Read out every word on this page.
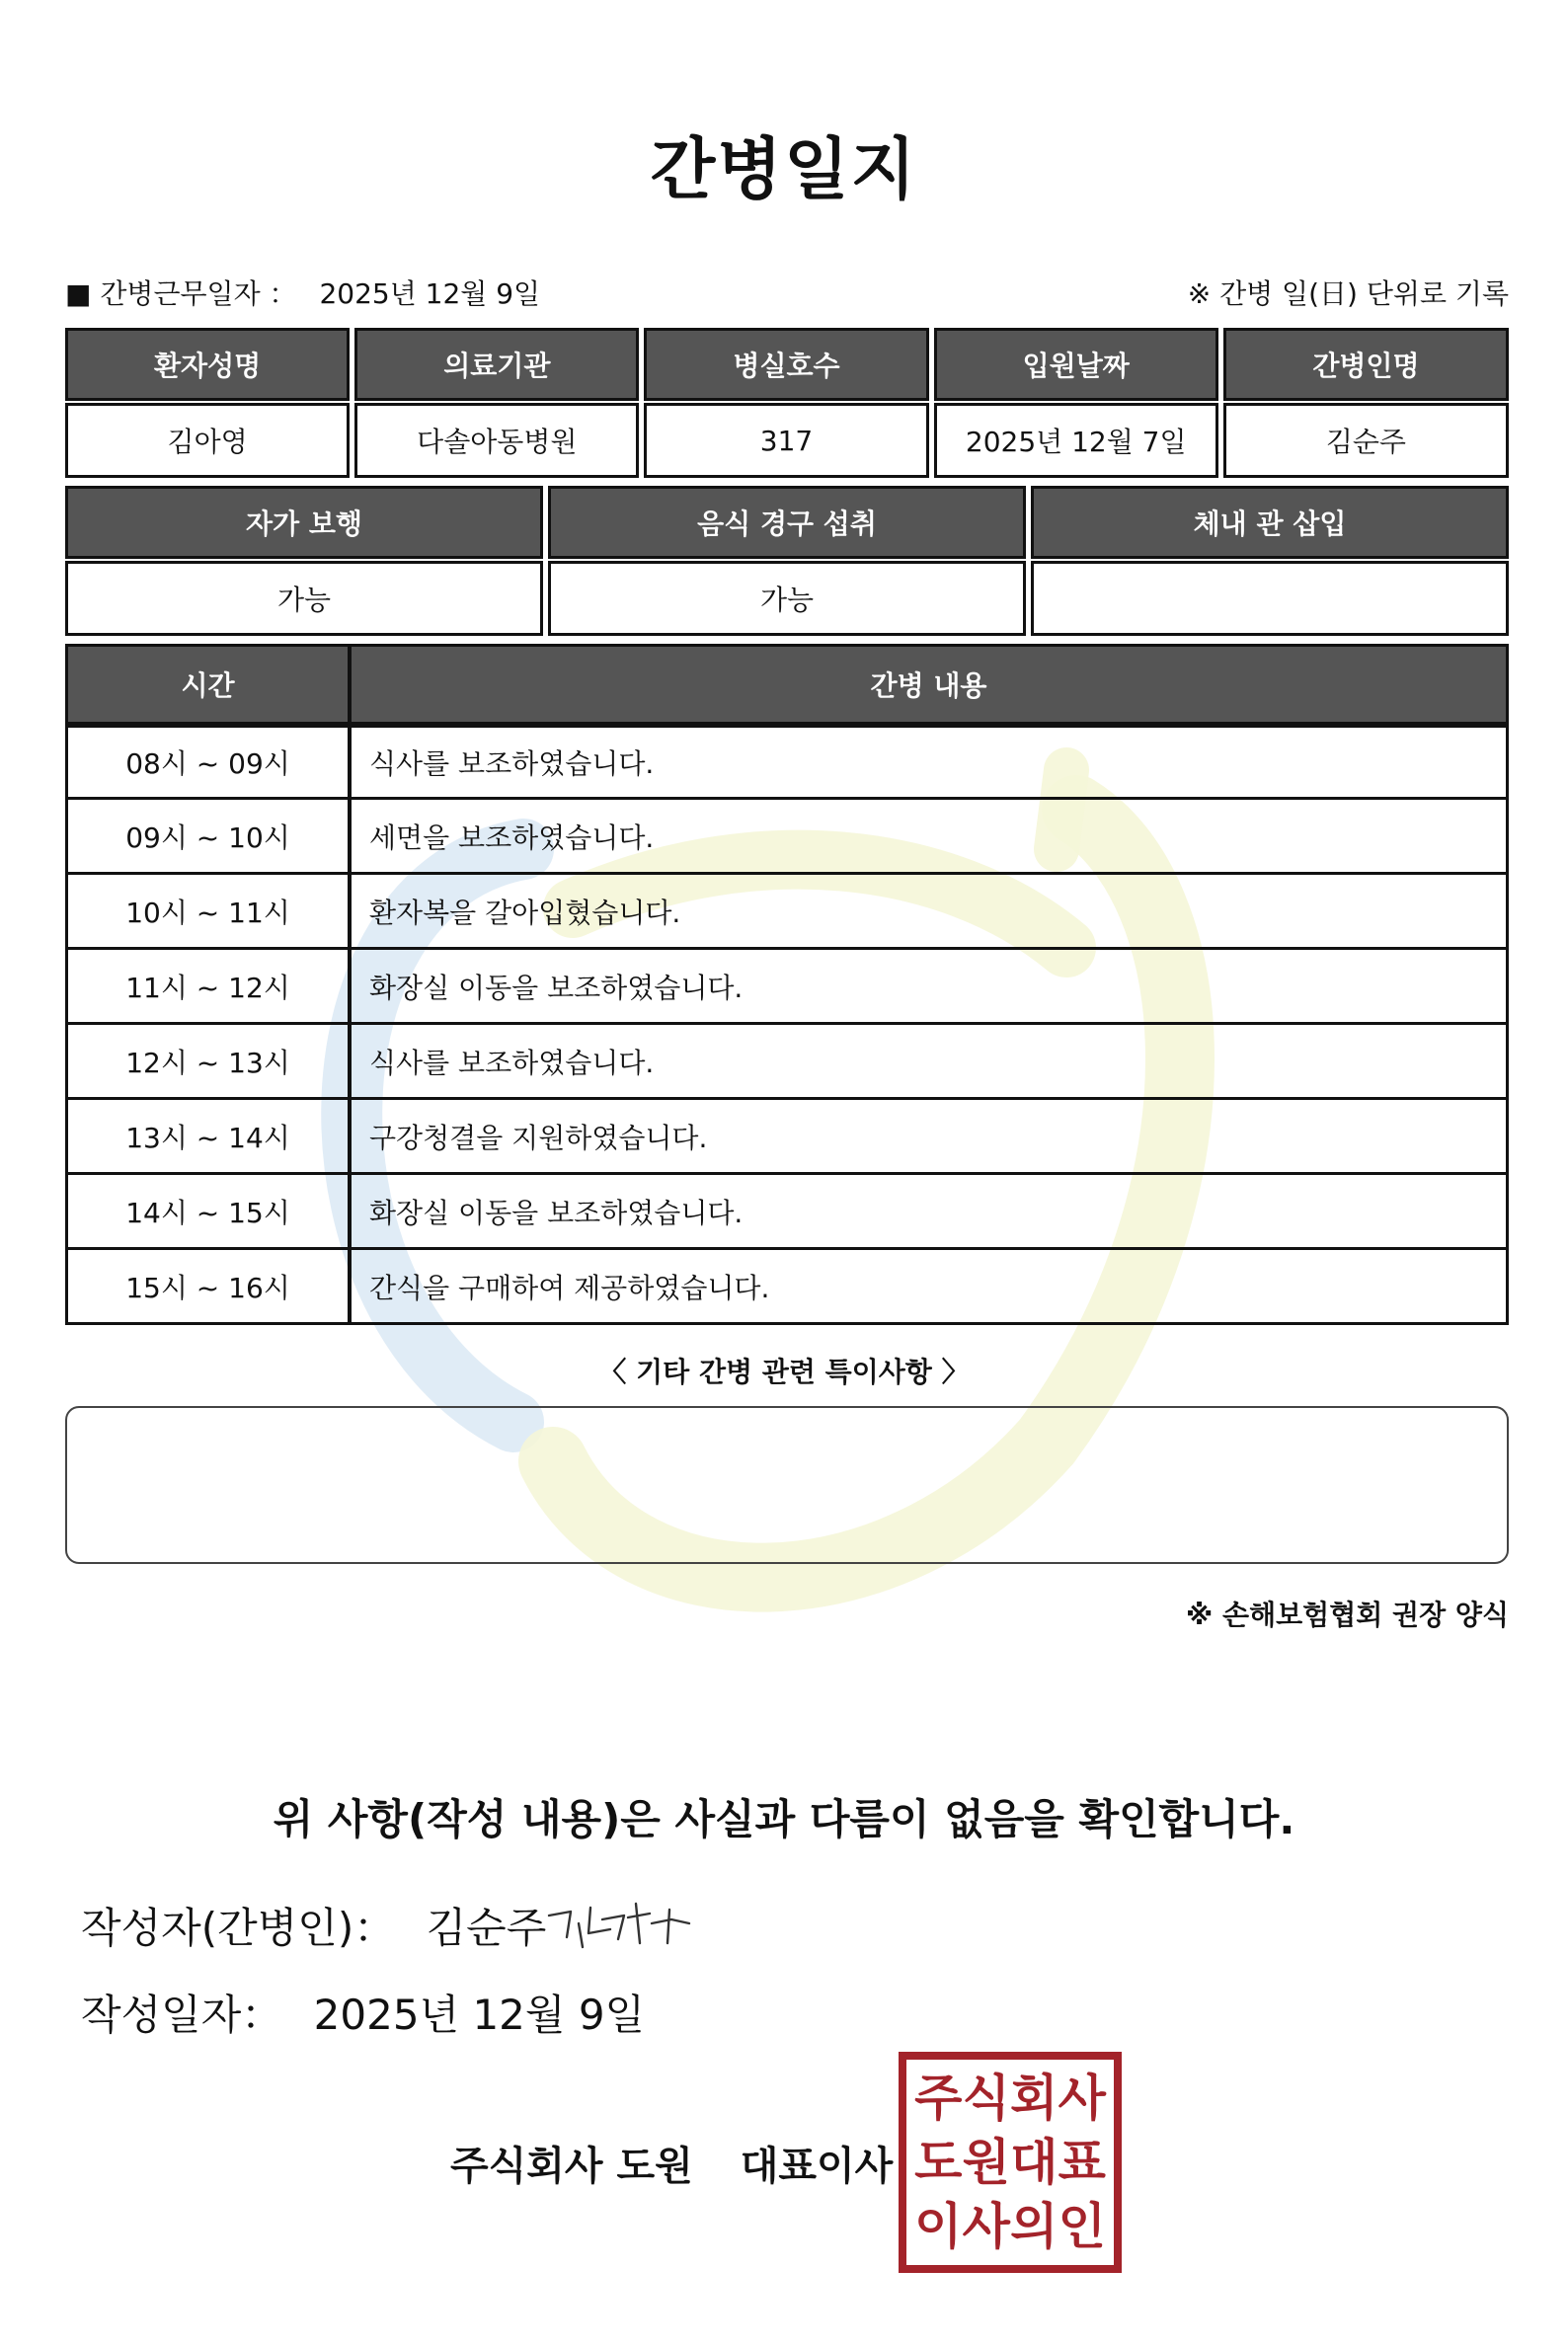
간병일지
■ 간병근무일자 ： 2025년 12월 9일	※ 간병 일(日) 단위로 기록
환자성명	의료기관	병실호수	입원날짜	간병인명
김아영	다솔아동병원	317	2025년 12월 7일	김순주
자가 보행	음식 경구 섭취	체내 관 삽입
가능	가능
시간	간병 내용
08시 ~ 09시	식사를 보조하였습니다.
09시 ~ 10시	세면을 보조하였습니다.
10시 ~ 11시	환자복을 갈아입혔습니다.
11시 ~ 12시	화장실 이동을 보조하였습니다.
12시 ~ 13시	식사를 보조하였습니다.
13시 ~ 14시	구강청결을 지원하였습니다.
14시 ~ 15시	화장실 이동을 보조하였습니다.
15시 ~ 16시	간식을 구매하여 제공하였습니다.
〈 기타 간병 관련 특이사항 〉
※ 손해보험협회 권장 양식
위 사항(작성 내용)은 사실과 다름이 없음을 확인합니다.
작성자(간병인)： 김순주
작성일자： 2025년 12월 9일
주식회사 도원 대표이사
주 식 회 사
도 원 대 표
이 사 의 인
